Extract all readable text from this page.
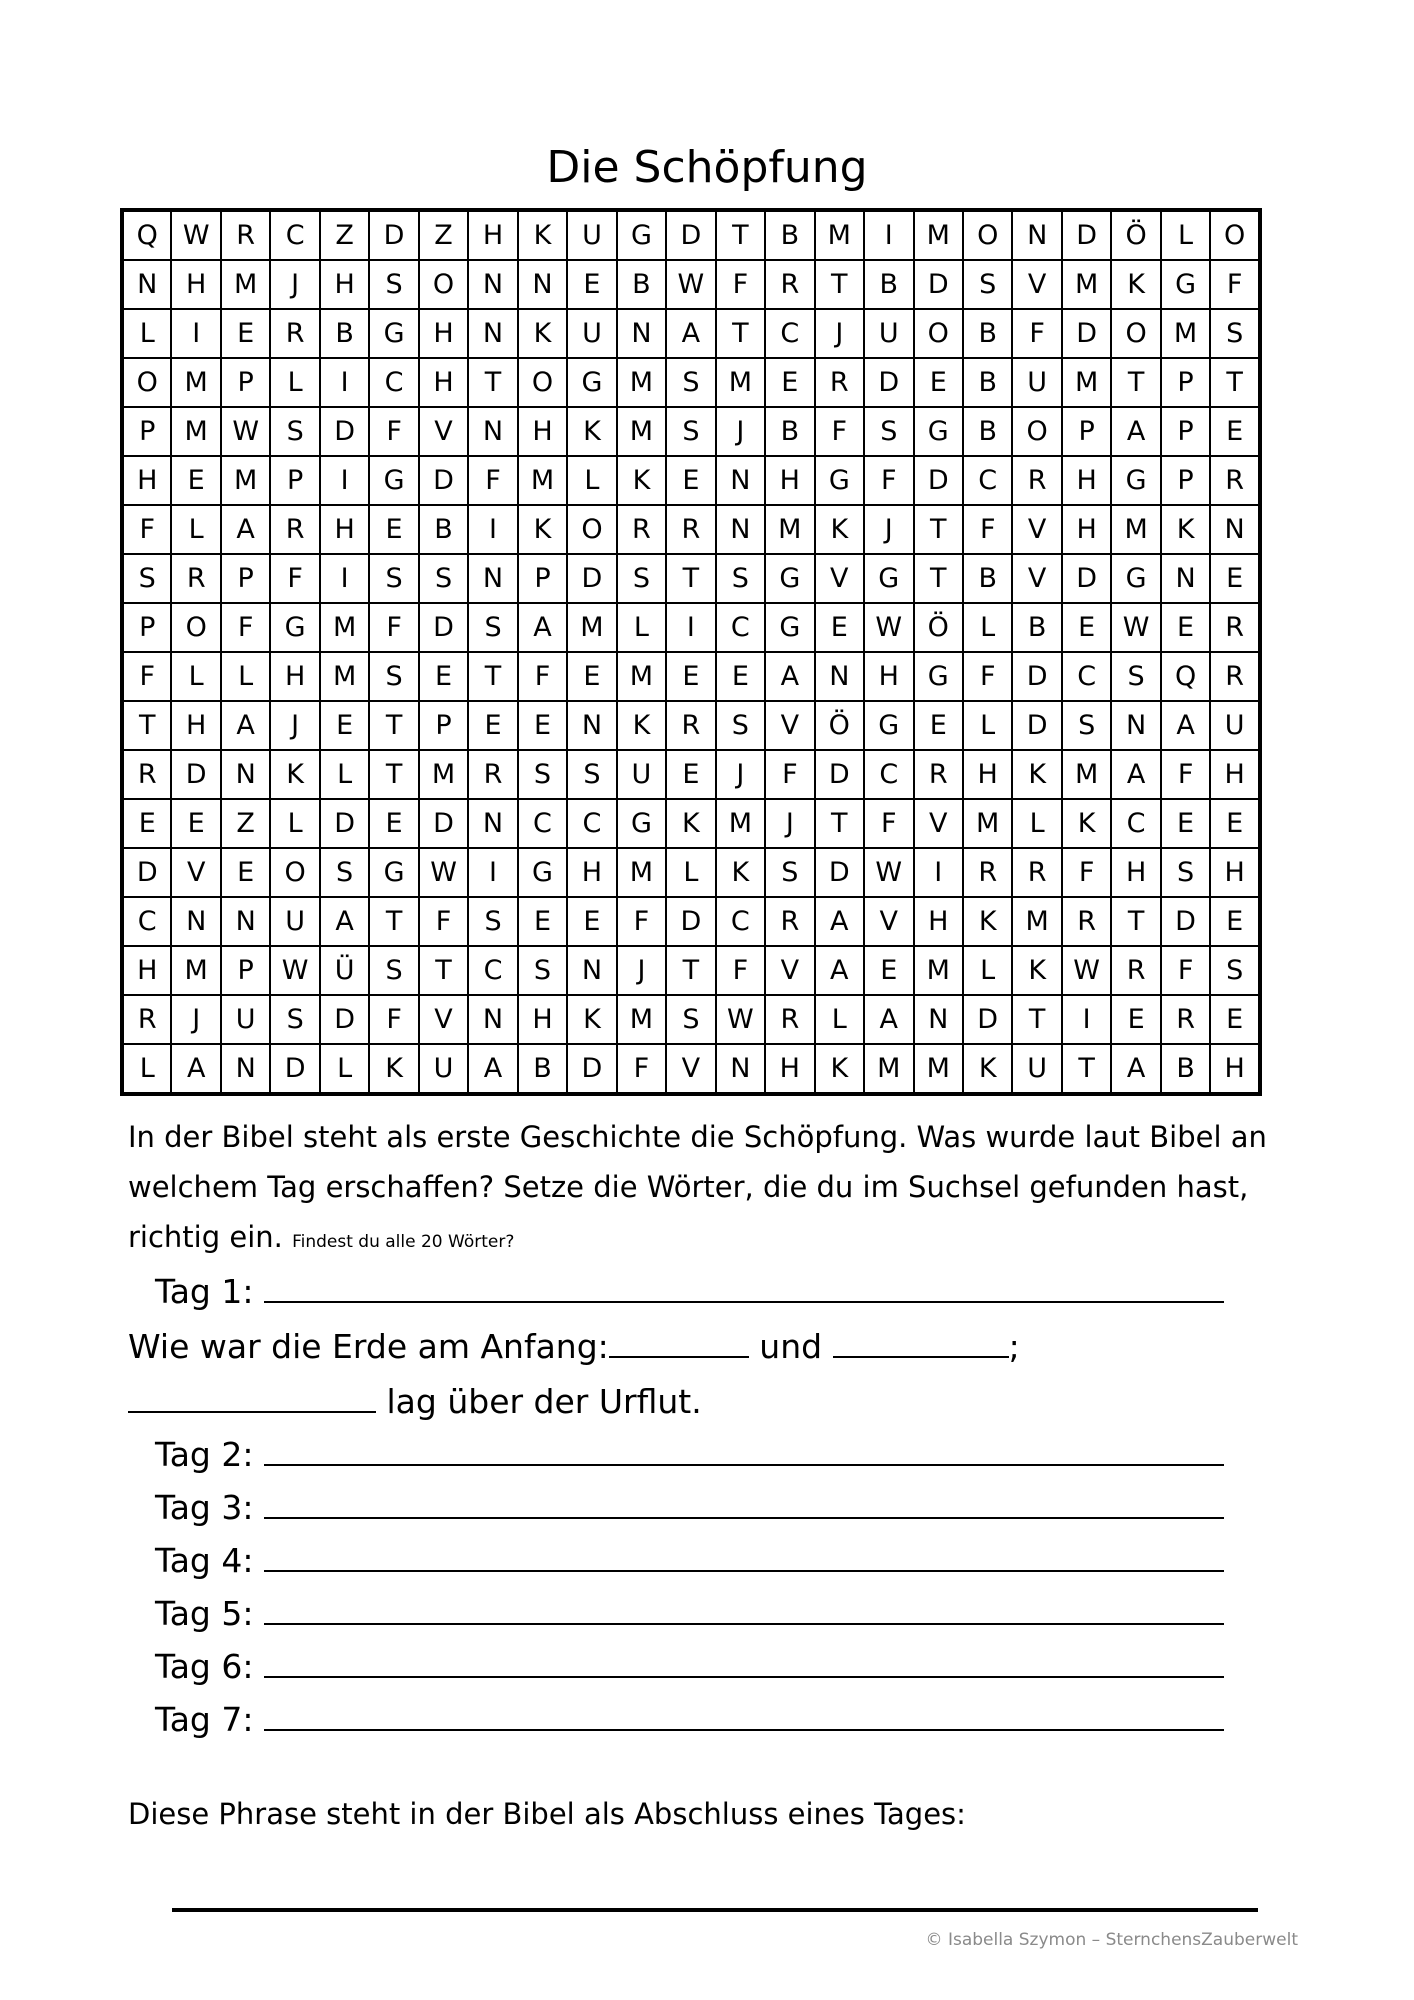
Die Schöpfung
Q	W	R	C	Z	D	Z	H	K	U	G	D	T	B	M	I	M	O	N	D	Ö	L	O
N	H	M	J	H	S	O	N	N	E	B	W	F	R	T	B	D	S	V	M	K	G	F
L	I	E	R	B	G	H	N	K	U	N	A	T	C	J	U	O	B	F	D	O	M	S
O	M	P	L	I	C	H	T	O	G	M	S	M	E	R	D	E	B	U	M	T	P	T
P	M	W	S	D	F	V	N	H	K	M	S	J	B	F	S	G	B	O	P	A	P	E
H	E	M	P	I	G	D	F	M	L	K	E	N	H	G	F	D	C	R	H	G	P	R
F	L	A	R	H	E	B	I	K	O	R	R	N	M	K	J	T	F	V	H	M	K	N
S	R	P	F	I	S	S	N	P	D	S	T	S	G	V	G	T	B	V	D	G	N	E
P	O	F	G	M	F	D	S	A	M	L	I	C	G	E	W	Ö	L	B	E	W	E	R
F	L	L	H	M	S	E	T	F	E	M	E	E	A	N	H	G	F	D	C	S	Q	R
T	H	A	J	E	T	P	E	E	N	K	R	S	V	Ö	G	E	L	D	S	N	A	U
R	D	N	K	L	T	M	R	S	S	U	E	J	F	D	C	R	H	K	M	A	F	H
E	E	Z	L	D	E	D	N	C	C	G	K	M	J	T	F	V	M	L	K	C	E	E
D	V	E	O	S	G	W	I	G	H	M	L	K	S	D	W	I	R	R	F	H	S	H
C	N	N	U	A	T	F	S	E	E	F	D	C	R	A	V	H	K	M	R	T	D	E
H	M	P	W	Ü	S	T	C	S	N	J	T	F	V	A	E	M	L	K	W	R	F	S
R	J	U	S	D	F	V	N	H	K	M	S	W	R	L	A	N	D	T	I	E	R	E
L	A	N	D	L	K	U	A	B	D	F	V	N	H	K	M	M	K	U	T	A	B	H
In der Bibel steht als erste Geschichte die Schöpfung. Was wurde laut Bibel an welchem Tag erschaffen? Setze die Wörter, die du im Suchsel gefunden hast, richtig ein. Findest du alle 20 Wörter?
Tag 1:
Wie war die Erde am Anfang:	und	;
lag über der Urflut.
Tag 2:
Tag 3:
Tag 4:
Tag 5:
Tag 6:
Tag 7:
Diese Phrase steht in der Bibel als Abschluss eines Tages:
© Isabella Szymon – SternchensZauberwelt
